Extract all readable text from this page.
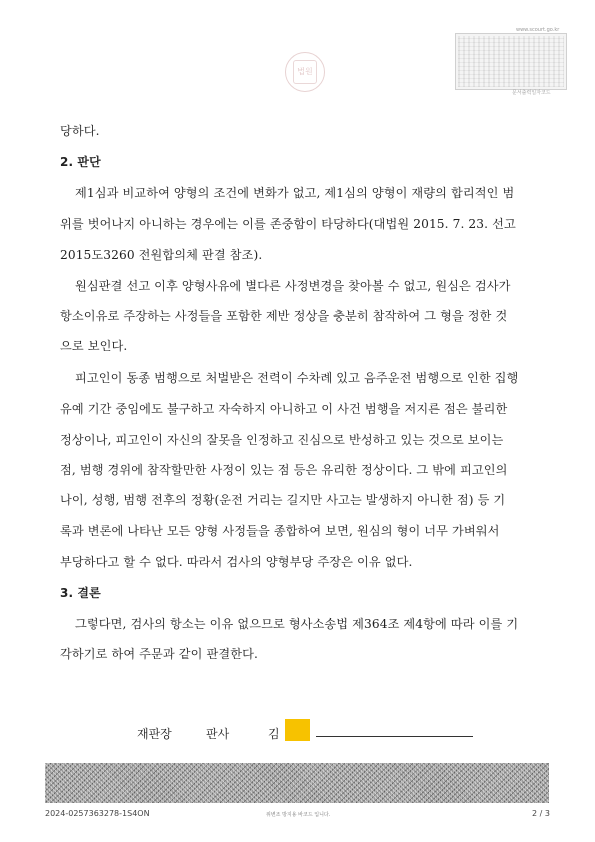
www.scourt.go.kr
문서출력일자코드
법원
당하다.
2. 판단
제1심과 비교하여 양형의 조건에 변화가 없고, 제1심의 양형이 재량의 합리적인 범
위를 벗어나지 아니하는 경우에는 이를 존중함이 타당하다(대법원 2015. 7. 23. 선고
2015도3260 전원합의체 판결 참조).
원심판결 선고 이후 양형사유에 별다른 사정변경을 찾아볼 수 없고, 원심은 검사가
항소이유로 주장하는 사정들을 포함한 제반 정상을 충분히 참작하여 그 형을 정한 것
으로 보인다.
피고인이 동종 범행으로 처벌받은 전력이 수차례 있고 음주운전 범행으로 인한 집행
유예 기간 중임에도 불구하고 자숙하지 아니하고 이 사건 범행을 저지른 점은 불리한
정상이나, 피고인이 자신의 잘못을 인정하고 진심으로 반성하고 있는 것으로 보이는
점, 범행 경위에 참작할만한 사정이 있는 점 등은 유리한 정상이다. 그 밖에 피고인의
나이, 성행, 범행 전후의 정황(운전 거리는 길지만 사고는 발생하지 아니한 점) 등 기
록과 변론에 나타난 모든 양형 사정들을 종합하여 보면, 원심의 형이 너무 가벼워서
부당하다고 할 수 없다. 따라서 검사의 양형부당 주장은 이유 없다.
3. 결론
그렇다면, 검사의 항소는 이유 없으므로 형사소송법 제364조 제4항에 따라 이를 기
각하기로 하여 주문과 같이 판결한다.
재판장	판사	김
2024-0257363278-1S4ON	위변조 방지용 바코드 입니다.	2 / 3
